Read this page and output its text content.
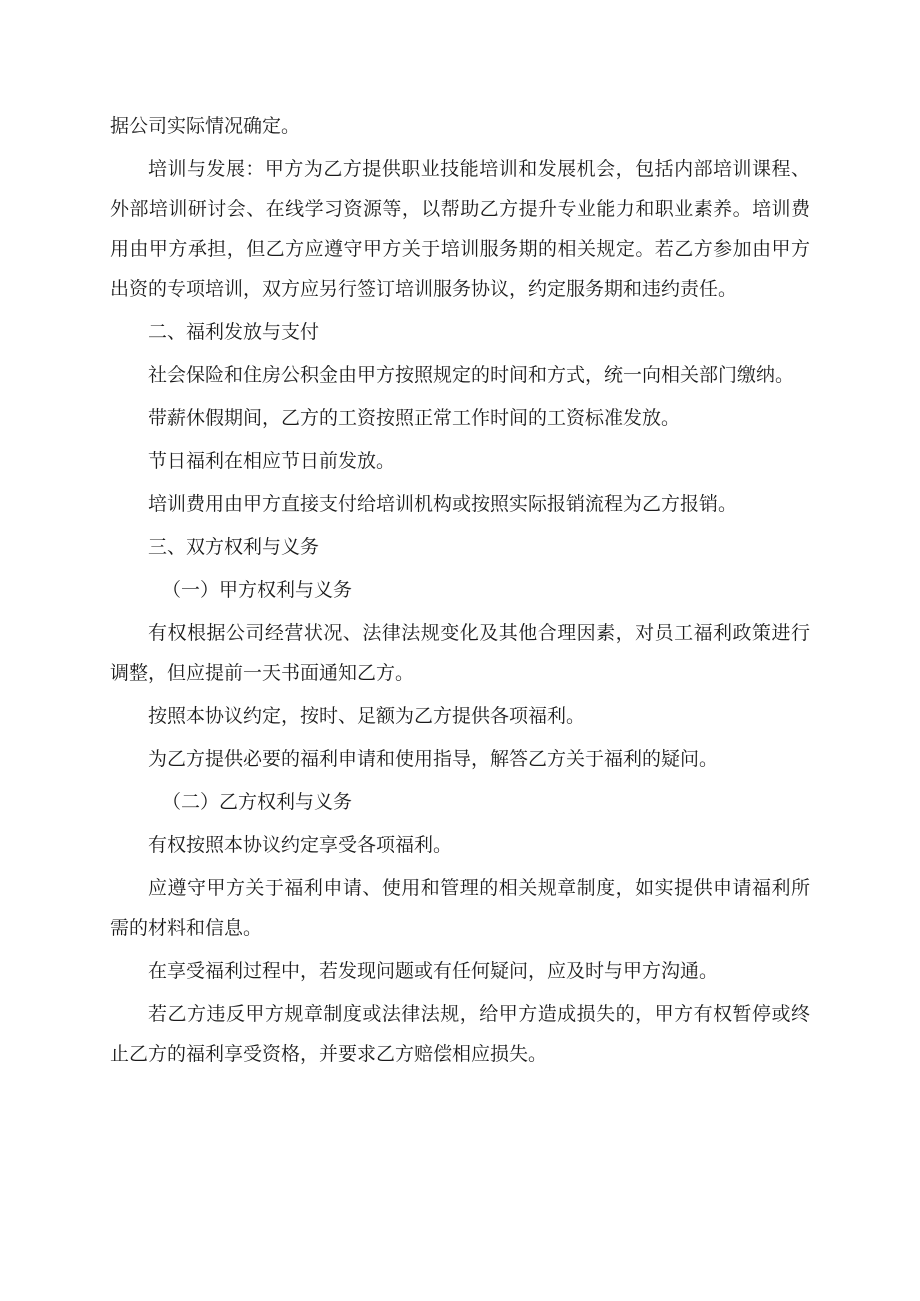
据公司实际情况确定。

培训与发展：甲方为乙方提供职业技能培训和发展机会，包括内部培训课程、外部培训研讨会、在线学习资源等，以帮助乙方提升专业能力和职业素养。培训费用由甲方承担，但乙方应遵守甲方关于培训服务期的相关规定。若乙方参加由甲方出资的专项培训，双方应另行签订培训服务协议，约定服务期和违约责任。

二、福利发放与支付

社会保险和住房公积金由甲方按照规定的时间和方式，统一向相关部门缴纳。

带薪休假期间，乙方的工资按照正常工作时间的工资标准发放。

节日福利在相应节日前发放。

培训费用由甲方直接支付给培训机构或按照实际报销流程为乙方报销。

三、双方权利与义务

（一）甲方权利与义务

有权根据公司经营状况、法律法规变化及其他合理因素，对员工福利政策进行调整，但应提前一天书面通知乙方。

按照本协议约定，按时、足额为乙方提供各项福利。

为乙方提供必要的福利申请和使用指导，解答乙方关于福利的疑问。

（二）乙方权利与义务

有权按照本协议约定享受各项福利。

应遵守甲方关于福利申请、使用和管理的相关规章制度，如实提供申请福利所需的材料和信息。

在享受福利过程中，若发现问题或有任何疑问，应及时与甲方沟通。

若乙方违反甲方规章制度或法律法规，给甲方造成损失的，甲方有权暂停或终止乙方的福利享受资格，并要求乙方赔偿相应损失。
